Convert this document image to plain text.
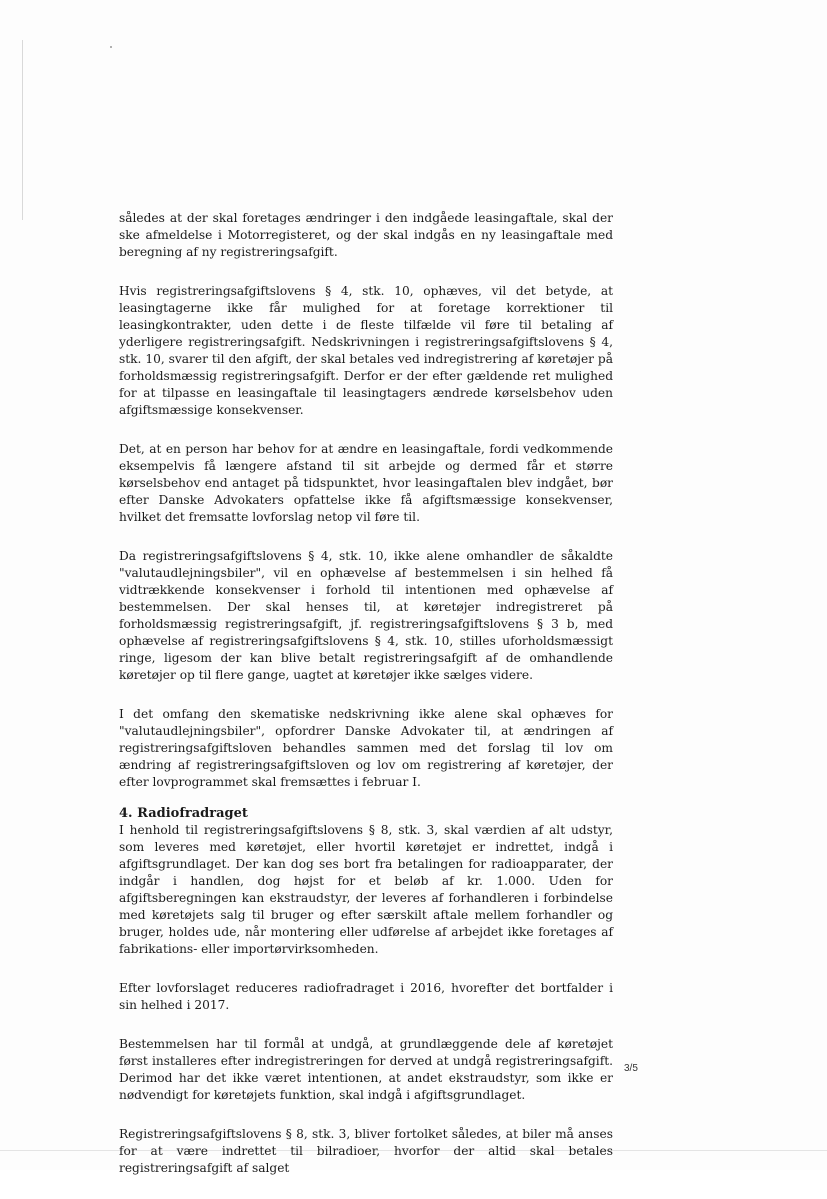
således at der skal foretages ændringer i den indgåede leasingaftale, skal der ske afmeldelse i Motorregisteret, og der skal indgås en ny leasingaftale med beregning af ny registreringsafgift.

Hvis registreringsafgiftslovens § 4, stk. 10, ophæves, vil det betyde, at leasingtagerne ikke får mulighed for at foretage korrektioner til leasingkontrakter, uden dette i de fleste tilfælde vil føre til betaling af yderligere registreringsafgift. Nedskrivningen i registreringsafgiftslovens § 4, stk. 10, svarer til den afgift, der skal betales ved indregistrering af køretøjer på forholdsmæssig registreringsafgift. Derfor er der efter gældende ret mulighed for at tilpasse en leasingaftale til leasingtagers ændrede kørselsbehov uden afgiftsmæssige konsekvenser.

Det, at en person har behov for at ændre en leasingaftale, fordi vedkommende eksempelvis få længere afstand til sit arbejde og dermed får et større kørselsbehov end antaget på tidspunktet, hvor leasingaftalen blev indgået, bør efter Danske Advokaters opfattelse ikke få afgiftsmæssige konsekvenser, hvilket det fremsatte lovforslag netop vil føre til.

Da registreringsafgiftslovens § 4, stk. 10, ikke alene omhandler de såkaldte "valutaudlejningsbiler", vil en ophævelse af bestemmelsen i sin helhed få vidtrækkende konsekvenser i forhold til intentionen med ophævelse af bestemmelsen. Der skal henses til, at køretøjer indregistreret på forholdsmæssig registreringsafgift, jf. registreringsafgiftslovens § 3 b, med ophævelse af registreringsafgiftslovens § 4, stk. 10, stilles uforholdsmæssigt ringe, ligesom der kan blive betalt registreringsafgift af de omhandlende køretøjer op til flere gange, uagtet at køretøjer ikke sælges videre.

I det omfang den skematiske nedskrivning ikke alene skal ophæves for "valutaudlejningsbiler", opfordrer Danske Advokater til, at ændringen af registreringsafgiftsloven behandles sammen med det forslag til lov om ændring af registreringsafgiftsloven og lov om registrering af køretøjer, der efter lovprogrammet skal fremsættes i februar I.

4. Radiofradraget

I henhold til registreringsafgiftslovens § 8, stk. 3, skal værdien af alt udstyr, som leveres med køretøjet, eller hvortil køretøjet er indrettet, indgå i afgiftsgrundlaget. Der kan dog ses bort fra betalingen for radioapparater, der indgår i handlen, dog højst for et beløb af kr. 1.000. Uden for afgiftsberegningen kan ekstraudstyr, der leveres af forhandleren i forbindelse med køretøjets salg til bruger og efter særskilt aftale mellem forhandler og bruger, holdes ude, når montering eller udførelse af arbejdet ikke foretages af fabrikations- eller importørvirksomheden.

Efter lovforslaget reduceres radiofradraget i 2016, hvorefter det bortfalder i sin helhed i 2017.

Bestemmelsen har til formål at undgå, at grundlæggende dele af køretøjet først installeres efter indregistreringen for derved at undgå registreringsafgift. Derimod har det ikke været intentionen, at andet ekstraudstyr, som ikke er nødvendigt for køretøjets funktion, skal indgå i afgiftsgrundlaget.

Registreringsafgiftslovens § 8, stk. 3, bliver fortolket således, at biler må anses for at være indrettet til bilradioer, hvorfor der altid skal betales registreringsafgift af salget

3/5
